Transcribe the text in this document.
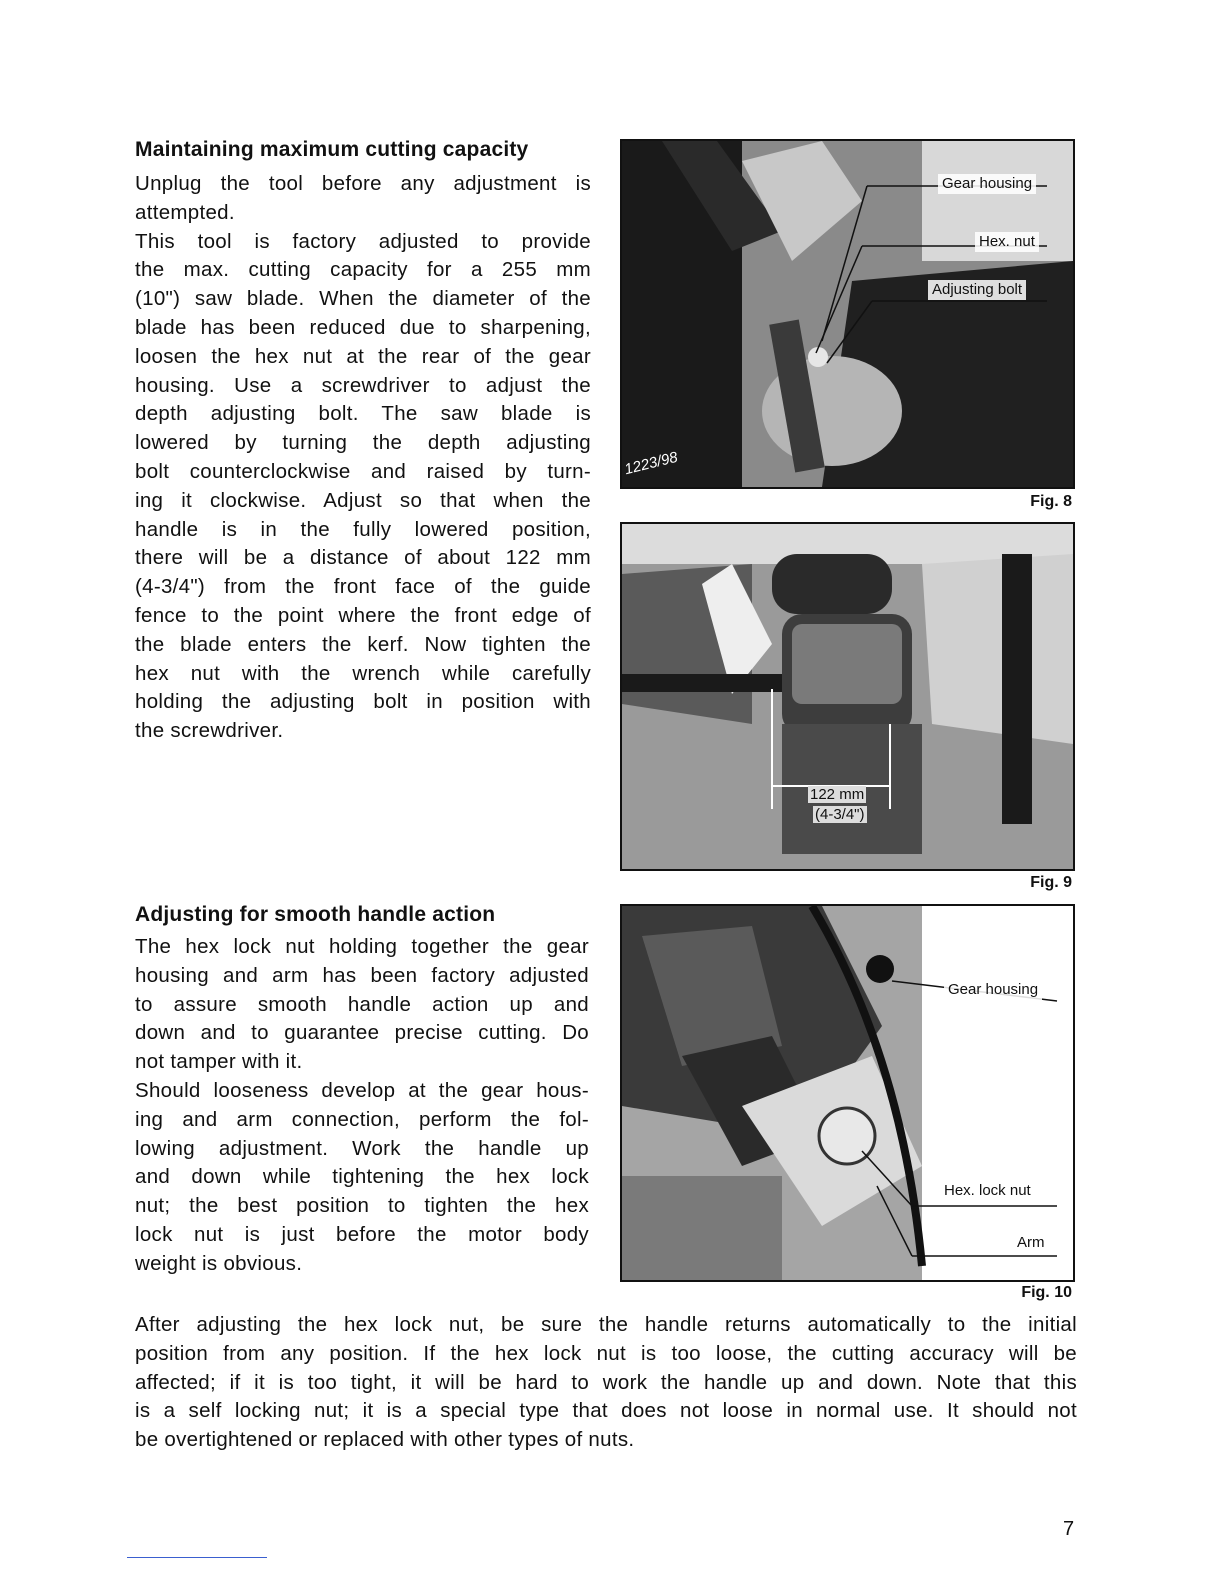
Maintaining maximum cutting capacity
Unplug the tool before any adjustment is
attempted.
This tool is factory adjusted to provide
the max. cutting capacity for a 255 mm
(10") saw blade. When the diameter of the
blade has been reduced due to sharpening,
loosen the hex nut at the rear of the gear
housing. Use a screwdriver to adjust the
depth adjusting bolt. The saw blade is
lowered by turning the depth adjusting
bolt counterclockwise and raised by turn-
ing it clockwise. Adjust so that when the
handle is in the fully lowered position,
there will be a distance of about 122 mm
(4-3/4") from the front face of the guide
fence to the point where the front edge of
the blade enters the kerf. Now tighten the
hex nut with the wrench while carefully
holding the adjusting bolt in position with
the screwdriver.
Adjusting for smooth handle action
The hex lock nut holding together the gear
housing and arm has been factory adjusted
to assure smooth handle action up and
down and to guarantee precise cutting. Do
not tamper with it.
Should looseness develop at the gear hous-
ing and arm connection, perform the fol-
lowing adjustment. Work the handle up
and down while tightening the hex lock
nut; the best position to tighten the hex
lock nut is just before the motor body
weight is obvious.
After adjusting the hex lock nut, be sure the handle returns automatically to the initial
position from any position. If the hex lock nut is too loose, the cutting accuracy will be
affected; if it is too tight, it will be hard to work the handle up and down. Note that this
is a self locking nut; it is a special type that does not loose in normal use. It should not
be overtightened or replaced with other types of nuts.
Gear housing
Hex. nut
Adjusting bolt
1223/98
Fig. 8
122 mm
(4-3/4")
Fig. 9
Gear housing
Hex. lock nut
Arm
Fig. 10
7
